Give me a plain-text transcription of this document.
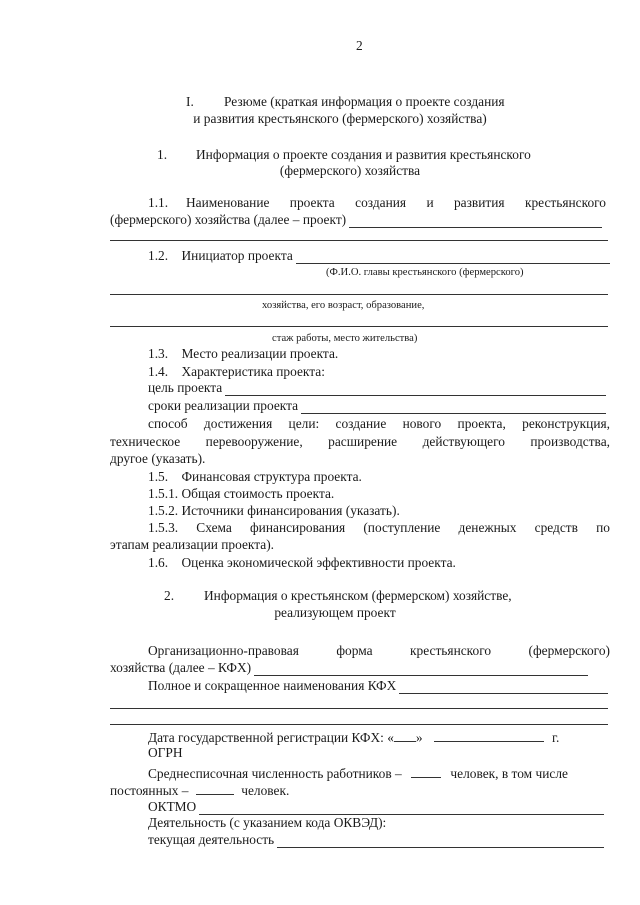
2
I. Резюме (краткая информация о проекте создания
и развития крестьянского (фермерского) хозяйства)
1. Информация о проекте создания и развития крестьянского
(фермерского) хозяйства
1.1. Наименование проекта создания и развития крестьянского
(фермерского) хозяйства (далее – проект)
1.2.    Инициатор проекта
(Ф.И.О. главы крестьянского (фермерского)
хозяйства, его возраст, образование,
стаж работы, место жительства)
1.3.    Место реализации проекта.
1.4.    Характеристика проекта:
цель проекта
сроки реализации проекта
способ достижения цели: создание нового проекта, реконструкция,
техническое перевооружение, расширение действующего производства,
другое (указать).
1.5.    Финансовая структура проекта.
1.5.1. Общая стоимость проекта.
1.5.2. Источники финансирования (указать).
1.5.3. Схема финансирования (поступление денежных средств по
этапам реализации проекта).
1.6.    Оценка экономической эффективности проекта.
2. Информация о крестьянском (фермерском) хозяйстве,
реализующем проект
Организационно-правовая форма крестьянского (фермерского)
хозяйства (далее – КФХ)
Полное и сокращенное наименования КФХ
Дата государственной регистрации КФХ: « »	г.
ОГРН
Среднесписочная численность работников –	человек, в том числе
постоянных –	человек.
ОКТМО
Деятельность (с указанием кода ОКВЭД):
текущая деятельность
